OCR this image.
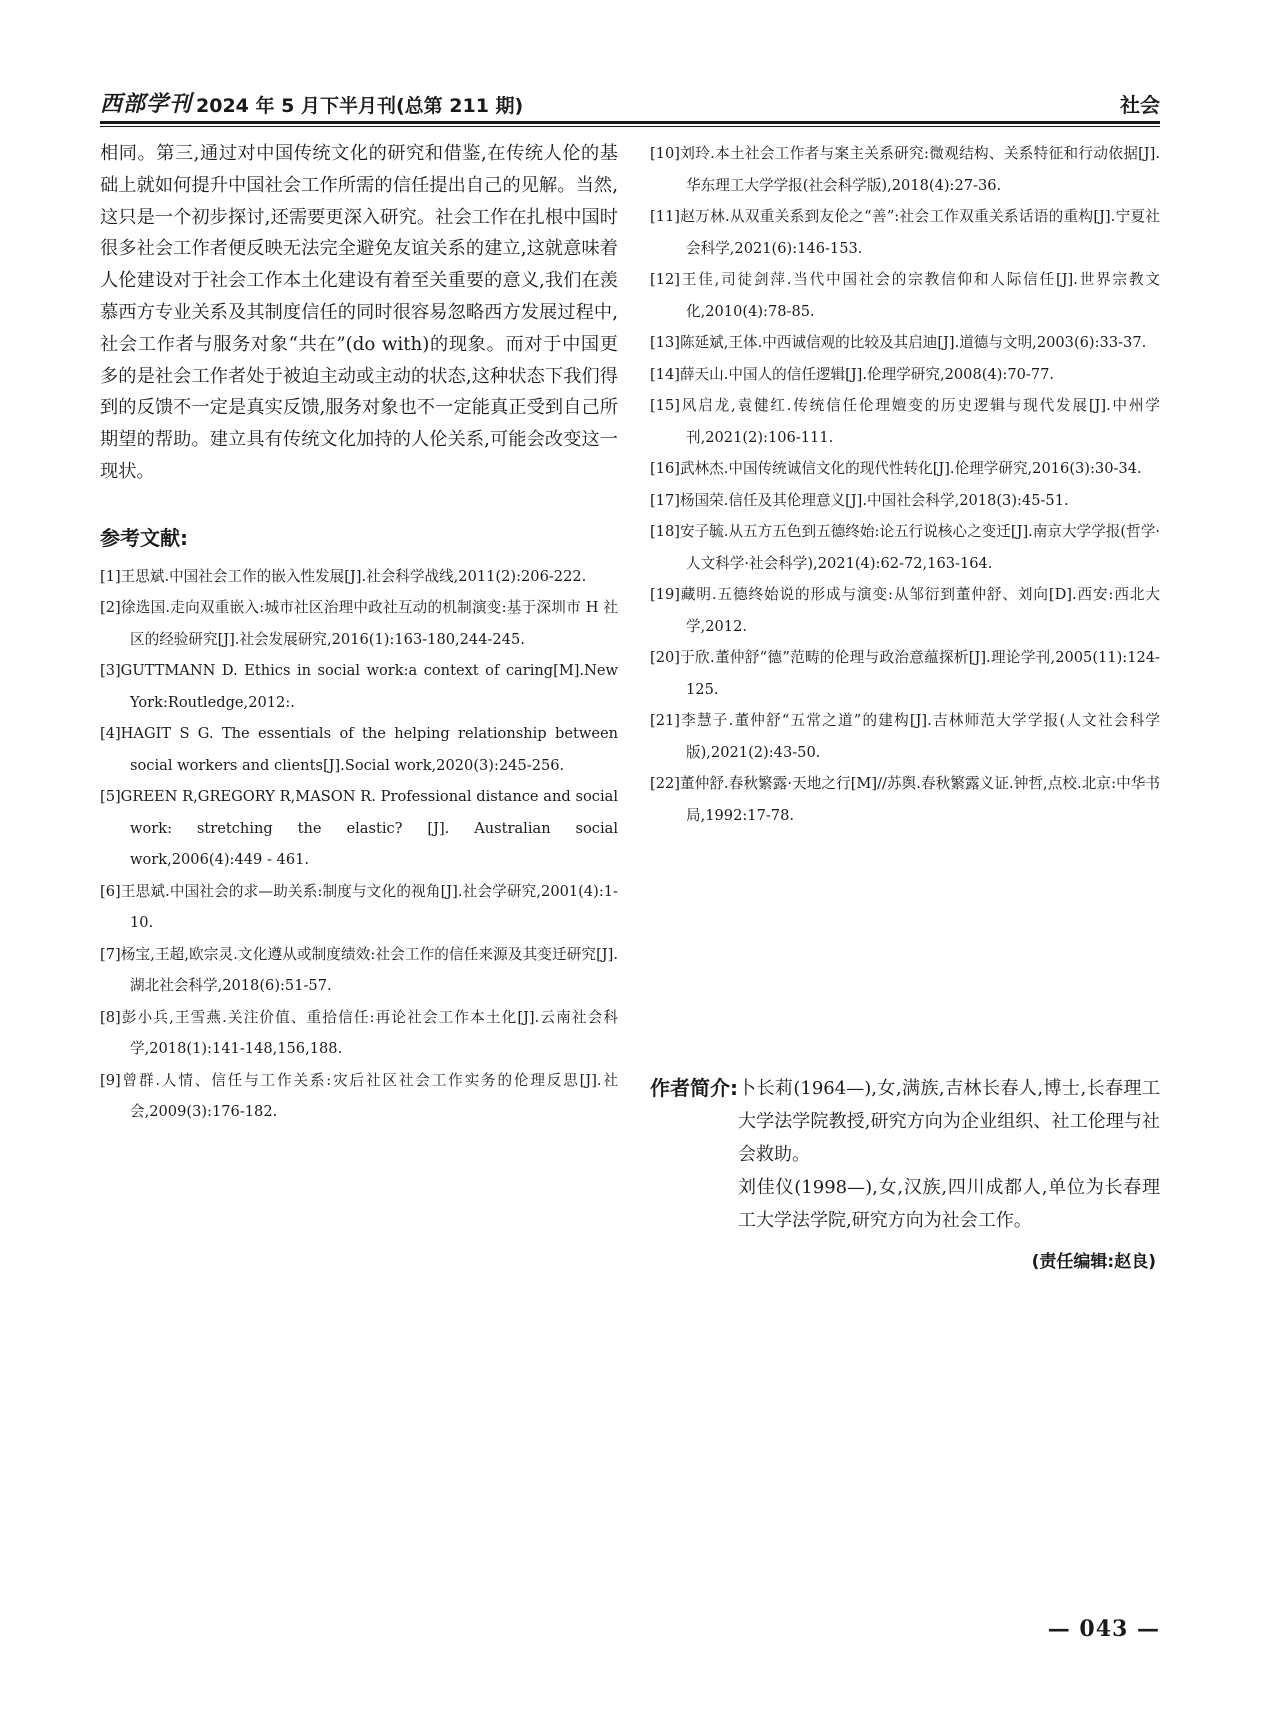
西部学刊 2024 年 5 月下半月刊(总第 211 期)	社会

相同。第三,通过对中国传统文化的研究和借鉴,在传统人伦的基础上就如何提升中国社会工作所需的信任提出自己的见解。当然,这只是一个初步探讨,还需要更深入研究。社会工作在扎根中国时很多社会工作者便反映无法完全避免友谊关系的建立,这就意味着人伦建设对于社会工作本土化建设有着至关重要的意义,我们在羡慕西方专业关系及其制度信任的同时很容易忽略西方发展过程中,社会工作者与服务对象“共在”(do with)的现象。而对于中国更多的是社会工作者处于被迫主动或主动的状态,这种状态下我们得到的反馈不一定是真实反馈,服务对象也不一定能真正受到自己所期望的帮助。建立具有传统文化加持的人伦关系,可能会改变这一现状。

参考文献:

[1]王思斌.中国社会工作的嵌入性发展[J].社会科学战线,2011(2):206-222.

[2]徐选国.走向双重嵌入:城市社区治理中政社互动的机制演变:基于深圳市 H 社区的经验研究[J].社会发展研究,2016(1):163-180,244-245.

[3]GUTTMANN D. Ethics in social work:a context of caring[M].New York:Routledge,2012:.

[4]HAGIT S G. The essentials of the helping relationship between social workers and clients[J].Social work,2020(3):245-256.

[5]GREEN R,GREGORY R,MASON R. Professional distance and social work: stretching the elastic? [J]. Australian social work,2006(4):449 - 461.

[6]王思斌.中国社会的求—助关系:制度与文化的视角[J].社会学研究,2001(4):1-10.

[7]杨宝,王超,欧宗灵.文化遵从或制度绩效:社会工作的信任来源及其变迁研究[J].湖北社会科学,2018(6):51-57.

[8]彭小兵,王雪燕.关注价值、重拾信任:再论社会工作本土化[J].云南社会科学,2018(1):141-148,156,188.

[9]曾群.人情、信任与工作关系:灾后社区社会工作实务的伦理反思[J].社会,2009(3):176-182.

[10]刘玲.本土社会工作者与案主关系研究:微观结构、关系特征和行动依据[J].华东理工大学学报(社会科学版),2018(4):27-36.

[11]赵万林.从双重关系到友伦之“善”:社会工作双重关系话语的重构[J].宁夏社会科学,2021(6):146-153.

[12]王佳,司徒剑萍.当代中国社会的宗教信仰和人际信任[J].世界宗教文化,2010(4):78-85.

[13]陈延斌,王体.中西诚信观的比较及其启迪[J].道德与文明,2003(6):33-37.

[14]薛天山.中国人的信任逻辑[J].伦理学研究,2008(4):70-77.

[15]风启龙,袁健红.传统信任伦理嬗变的历史逻辑与现代发展[J].中州学刊,2021(2):106-111.

[16]武林杰.中国传统诚信文化的现代性转化[J].伦理学研究,2016(3):30-34.

[17]杨国荣.信任及其伦理意义[J].中国社会科学,2018(3):45-51.

[18]安子毓.从五方五色到五德终始:论五行说核心之变迁[J].南京大学学报(哲学·人文科学·社会科学),2021(4):62-72,163-164.

[19]藏明.五德终始说的形成与演变:从邹衍到董仲舒、刘向[D].西安:西北大学,2012.

[20]于欣.董仲舒“德”范畴的伦理与政治意蕴探析[J].理论学刊,2005(11):124-125.

[21]李慧子.董仲舒“五常之道”的建构[J].吉林师范大学学报(人文社会科学版),2021(2):43-50.

[22]董仲舒.春秋繁露·天地之行[M]//苏舆.春秋繁露义证.钟哲,点校.北京:中华书局,1992:17-78.

作者简介: 卜长莉(1964—),女,满族,吉林长春人,博士,长春理工大学法学院教授,研究方向为企业组织、社工伦理与社会救助。

刘佳仪(1998—),女,汉族,四川成都人,单位为长春理工大学法学院,研究方向为社会工作。

(责任编辑:赵良)
— 043 —
